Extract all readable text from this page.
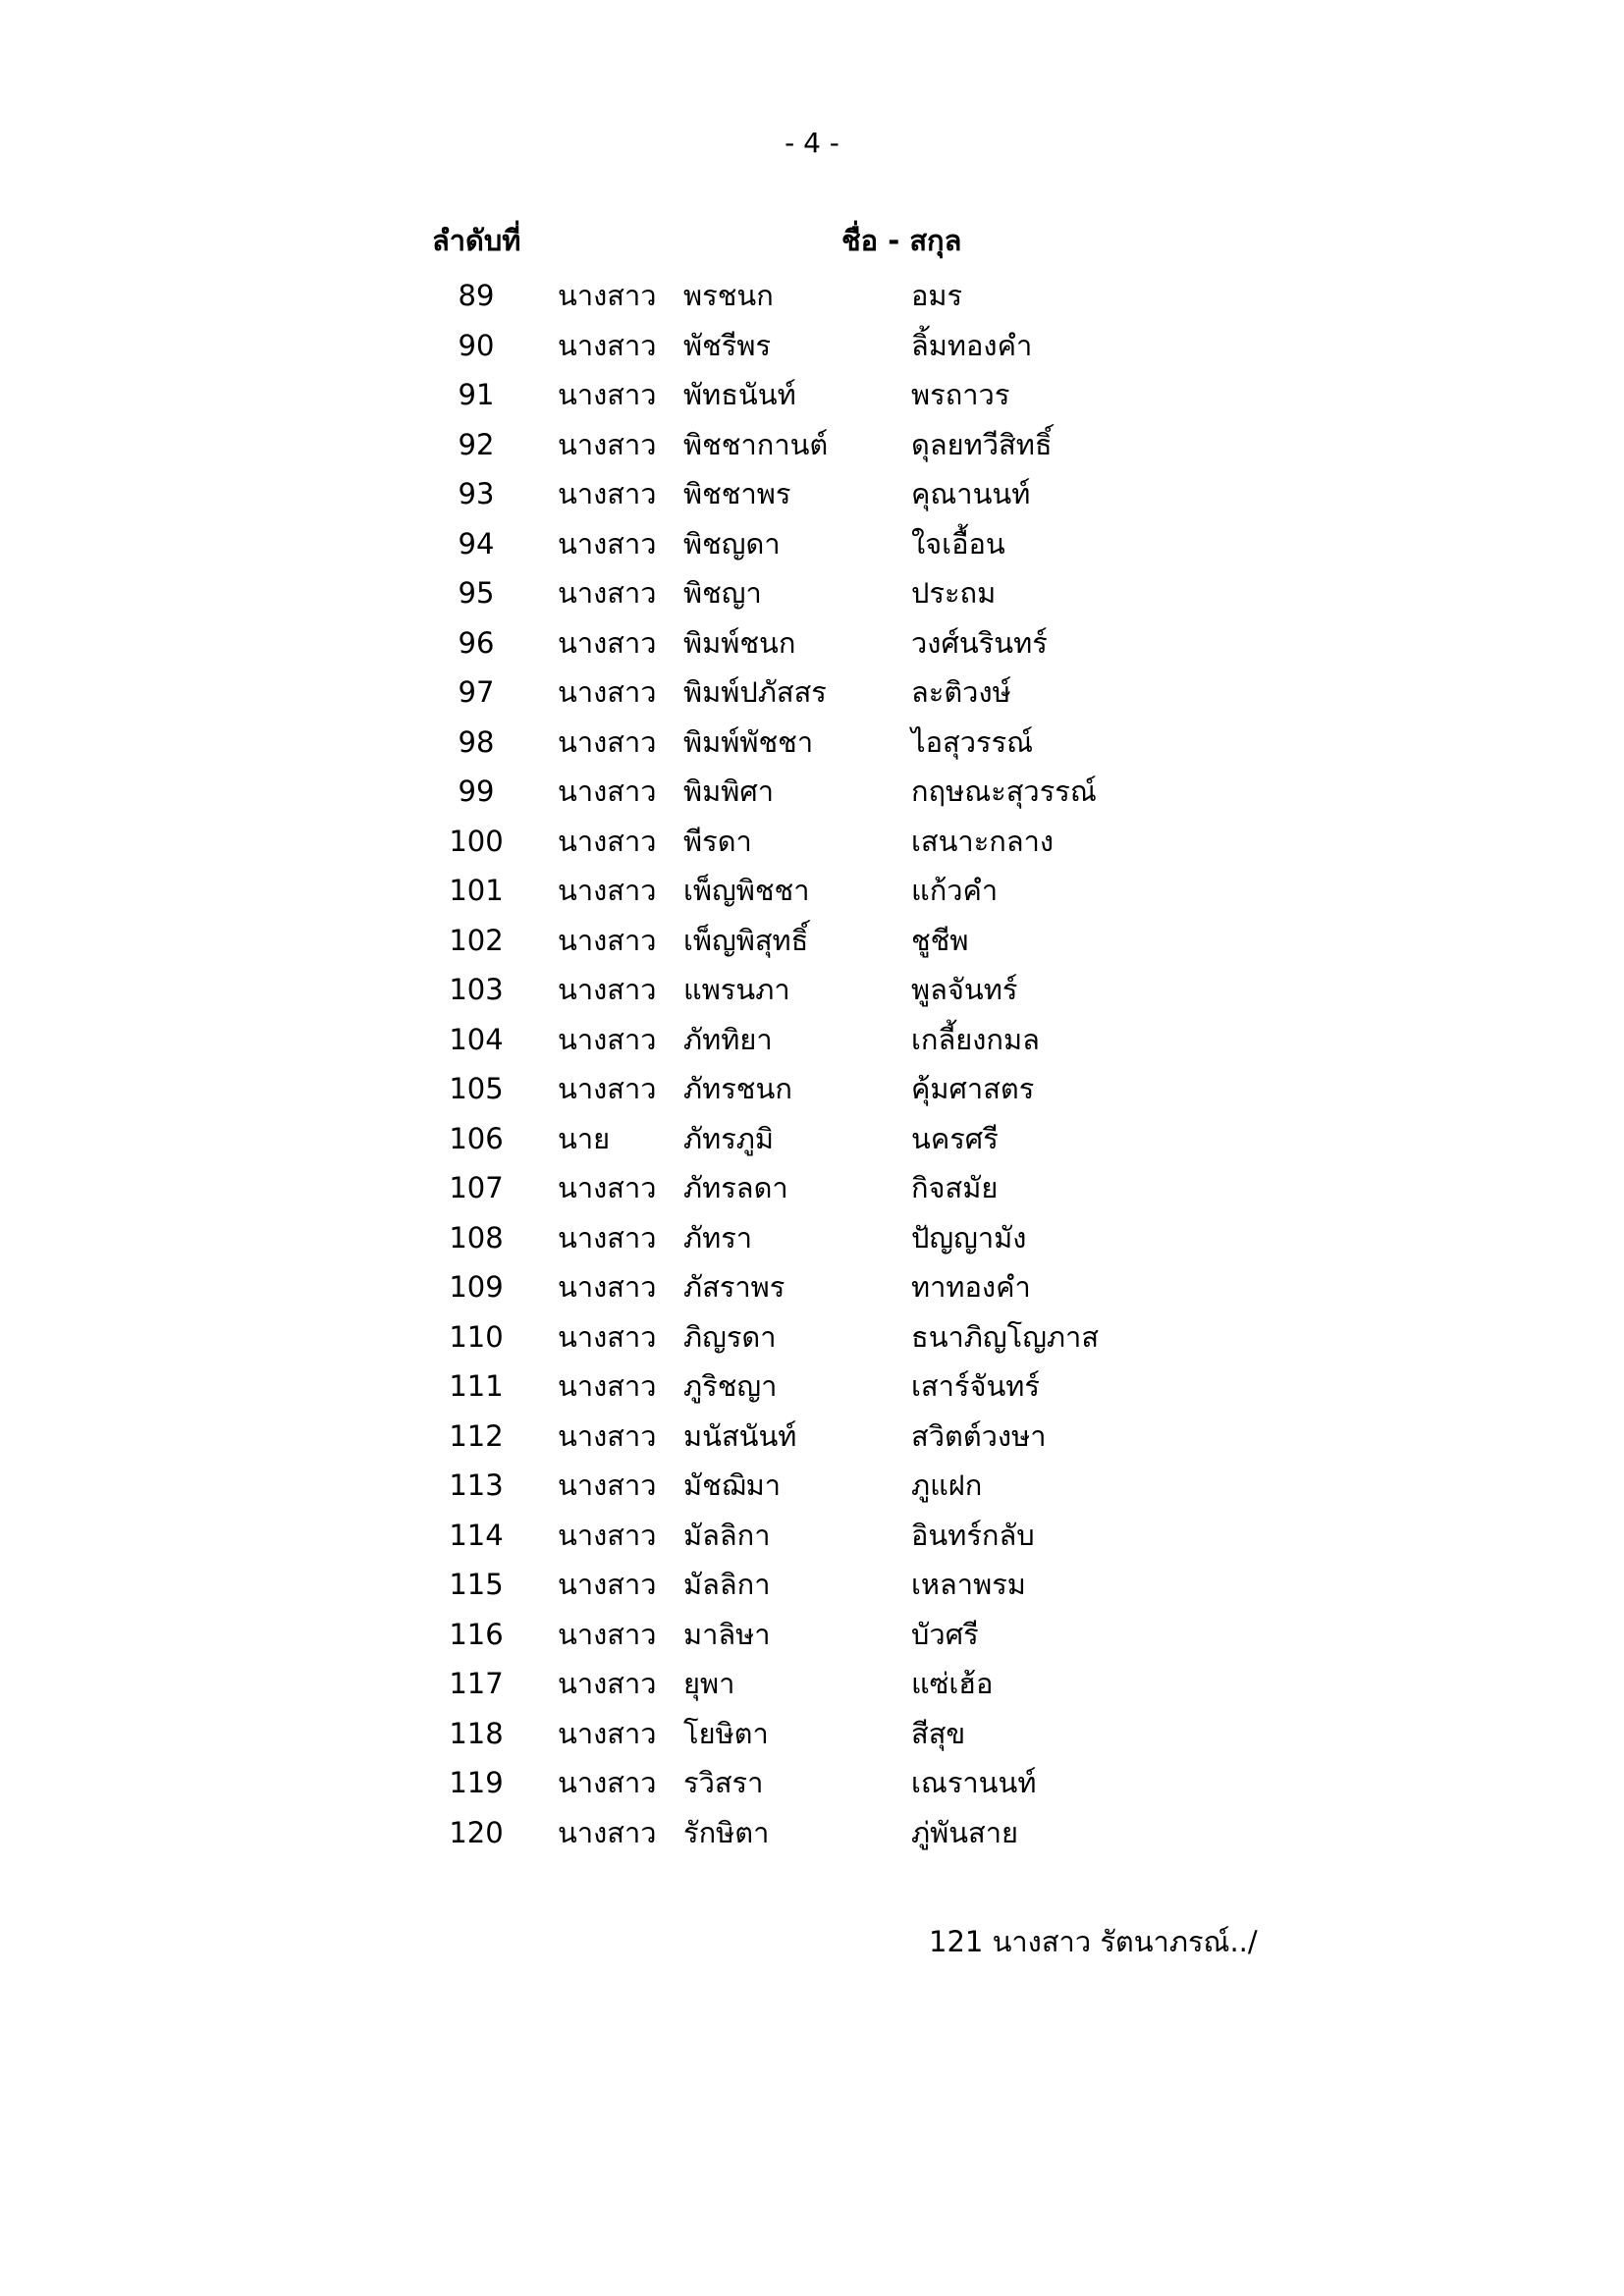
- 4 -
ลำดับที่	ชื่อ - สกุล
89	นางสาว พรชนก	อมร
90	นางสาว พัชรีพร	ลิ้มทองคำ
91	นางสาว พัทธนันท์	พรถาวร
92	นางสาว พิชชากานต์	ดุลยทวีสิทธิ์
93	นางสาว พิชชาพร	คุณานนท์
94	นางสาว พิชญดา	ใจเอื้อน
95	นางสาว พิชญา	ประถม
96	นางสาว พิมพ์ชนก	วงศ์นรินทร์
97	นางสาว พิมพ์ปภัสสร	ละติวงษ์
98	นางสาว พิมพ์พัชชา	ไอสุวรรณ์
99	นางสาว พิมพิศา	กฤษณะสุวรรณ์
100	นางสาว พีรดา	เสนาะกลาง
101	นางสาว เพ็ญพิชชา	แก้วคำ
102	นางสาว เพ็ญพิสุทธิ์	ชูชีพ
103	นางสาว แพรนภา	พูลจันทร์
104	นางสาว ภัททิยา	เกลี้ยงกมล
105	นางสาว ภัทรชนก	คุ้มศาสตร
106	นาย	ภัทรภูมิ	นครศรี
107	นางสาว ภัทรลดา	กิจสมัย
108	นางสาว ภัทรา	ปัญญามัง
109	นางสาว ภัสราพร	ทาทองคำ
110	นางสาว ภิญรดา	ธนาภิญโญภาส
111	นางสาว ภูริชญา	เสาร์จันทร์
112	นางสาว มนัสนันท์	สวิตต์วงษา
113	นางสาว มัชฌิมา	ภูแฝก
114	นางสาว มัลลิกา	อินทร์กลับ
115	นางสาว มัลลิกา	เหลาพรม
116	นางสาว มาลิษา	บัวศรี
117	นางสาว ยุพา	แซ่เฮ้อ
118	นางสาว โยษิตา	สีสุข
119	นางสาว รวิสรา	เณรานนท์
120	นางสาว รักษิตา	ภู่พันสาย
121 นางสาว รัตนาภรณ์../
